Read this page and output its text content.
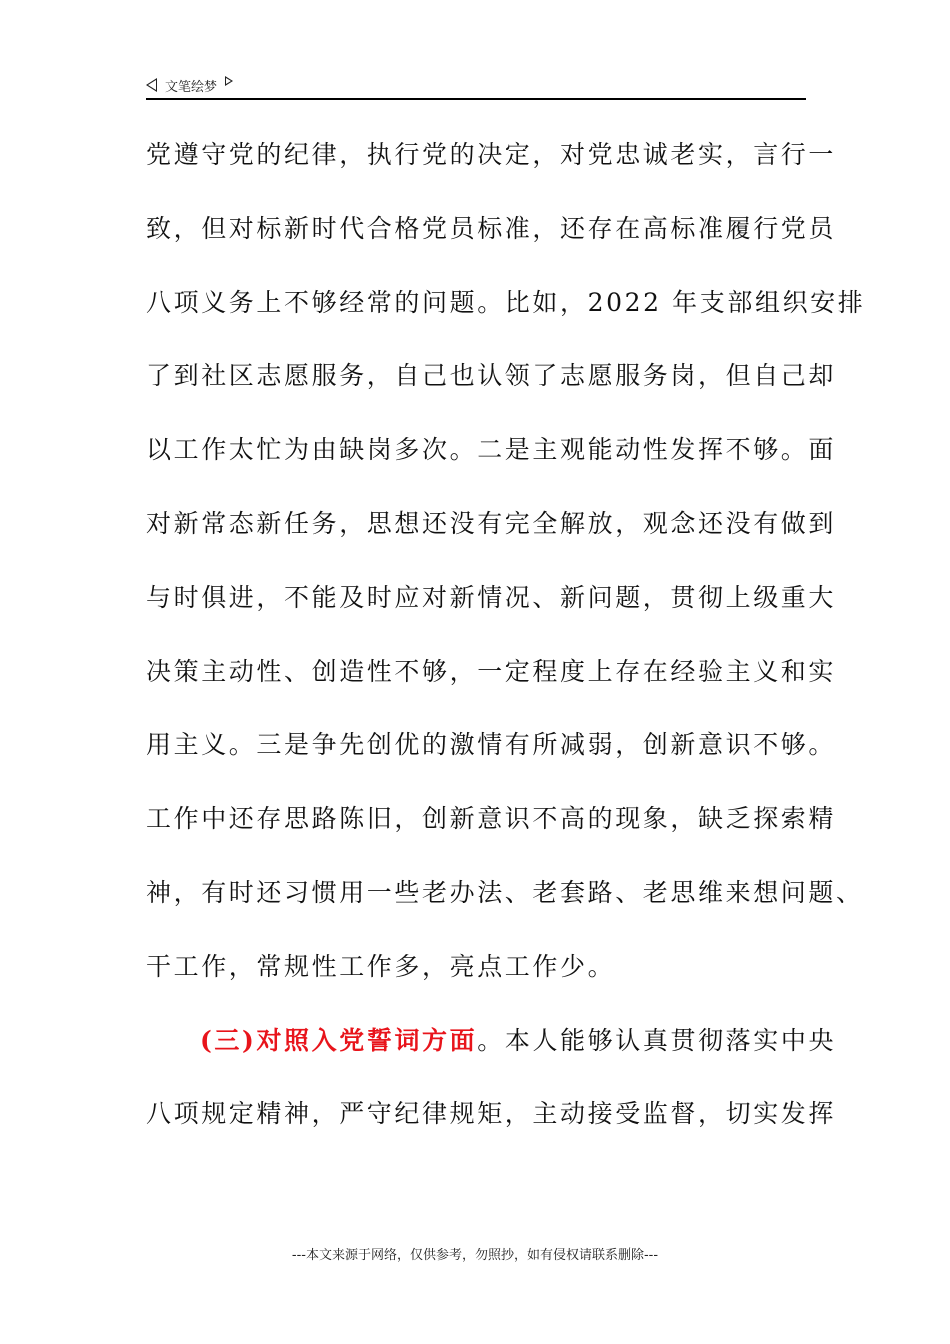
文笔绘梦
党遵守党的纪律，执行党的决定，对党忠诚老实，言行一
致，但对标新时代合格党员标准，还存在高标准履行党员
八项义务上不够经常的问题。比如，2022 年支部组织安排
了到社区志愿服务，自己也认领了志愿服务岗，但自己却
以工作太忙为由缺岗多次。二是主观能动性发挥不够。面
对新常态新任务，思想还没有完全解放，观念还没有做到
与时俱进，不能及时应对新情况、新问题，贯彻上级重大
决策主动性、创造性不够，一定程度上存在经验主义和实
用主义。三是争先创优的激情有所减弱，创新意识不够。
工作中还存思路陈旧，创新意识不高的现象，缺乏探索精
神，有时还习惯用一些老办法、老套路、老思维来想问题、
干工作，常规性工作多，亮点工作少。
(三)对照入党誓词方面。本人能够认真贯彻落实中央
八项规定精神，严守纪律规矩，主动接受监督，切实发挥
---本文来源于网络，仅供参考，勿照抄，如有侵权请联系删除---
